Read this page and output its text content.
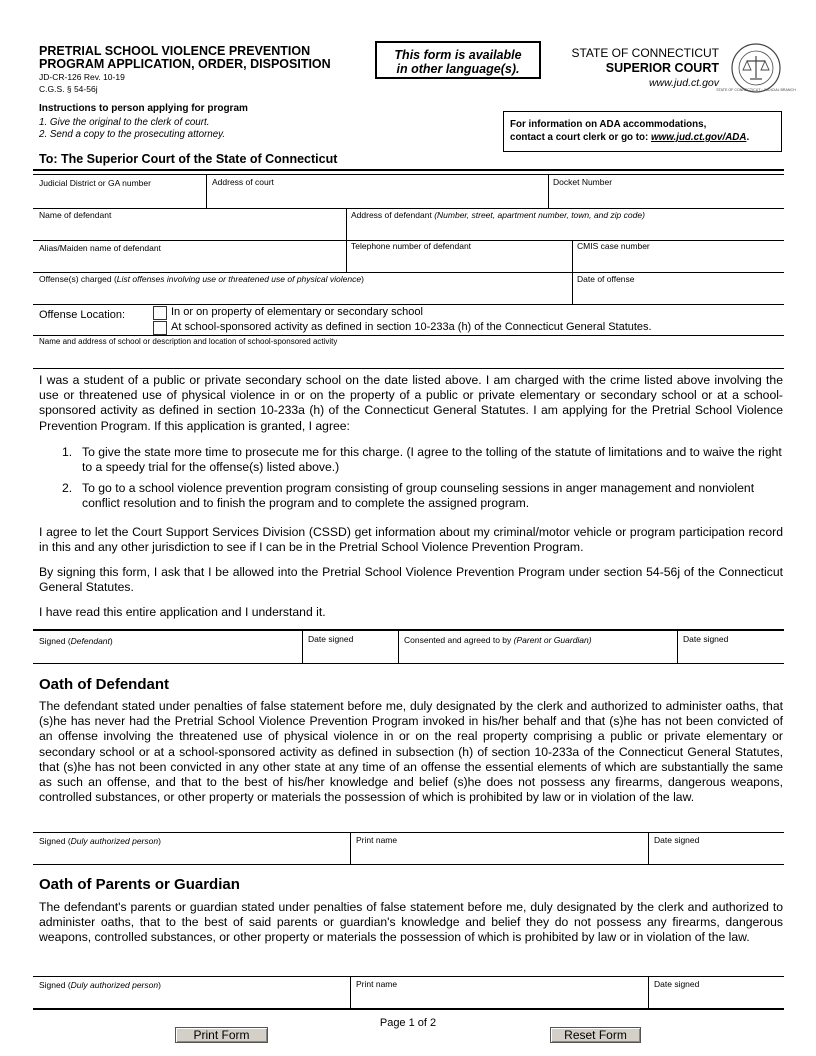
PRETRIAL SCHOOL VIOLENCE PREVENTION
PROGRAM APPLICATION, ORDER, DISPOSITION
JD-CR-126 Rev. 10-19
C.G.S. § 54-56j
This form is available
in other language(s).
STATE OF CONNECTICUT
SUPERIOR COURT
www.jud.ct.gov
STATE OF CONNECTICUT · JUDICIAL BRANCH
Instructions to person applying for program
1. Give the original to the clerk of court.
2. Send a copy to the prosecuting attorney.
For information on ADA accommodations,
contact a court clerk or go to: www.jud.ct.gov/ADA.
To: The Superior Court of the State of Connecticut
Judicial District or GA number	Address of court	Docket Number
Name of defendant	Address of defendant (Number, street, apartment number, town, and zip code)
Alias/Maiden name of defendant	Telephone number of defendant	CMIS case number
Offense(s) charged (List offenses involving use or threatened use of physical violence)	Date of offense
Offense Location:	In or on property of elementary or secondary school
At school-sponsored activity as defined in section 10-233a (h) of the Connecticut General Statutes.
Name and address of school or description and location of school-sponsored activity
I was a student of a public or private secondary school on the date listed above. I am charged with the crime listed above involving the use or threatened use of physical violence in or on the property of a public or private elementary or secondary school or at a school-sponsored activity as defined in section 10-233a (h) of the Connecticut General Statutes. I am applying for the Pretrial School Violence Prevention Program. If this application is granted, I agree:
1. To give the state more time to prosecute me for this charge. (I agree to the tolling of the statute of limitations and to waive the right to a speedy trial for the offense(s) listed above.)
2. To go to a school violence prevention program consisting of group counseling sessions in anger management and nonviolent conflict resolution and to finish the program and to complete the assigned program.
I agree to let the Court Support Services Division (CSSD) get information about my criminal/motor vehicle or program participation record in this and any other jurisdiction to see if I can be in the Pretrial School Violence Prevention Program.
By signing this form, I ask that I be allowed into the Pretrial School Violence Prevention Program under section 54-56j of the Connecticut General Statutes.
I have read this entire application and I understand it.
Signed (Defendant)	Date signed	Consented and agreed to by (Parent or Guardian)	Date signed
Oath of Defendant
The defendant stated under penalties of false statement before me, duly designated by the clerk and authorized to administer oaths, that (s)he has never had the Pretrial School Violence Prevention Program invoked in his/her behalf and that (s)he has not been convicted of an offense involving the threatened use of physical violence in or on the real property comprising a public or private elementary or secondary school or at a school-sponsored activity as defined in subsection (h) of section 10-233a of the Connecticut General Statutes, that (s)he has not been convicted in any other state at any time of an offense the essential elements of which are substantially the same as such an offense, and that to the best of his/her knowledge and belief (s)he does not possess any firearms, dangerous weapons, controlled substances, or other property or materials the possession of which is prohibited by law or in violation of the law.
Signed (Duly authorized person)	Print name	Date signed
Oath of Parents or Guardian
The defendant's parents or guardian stated under penalties of false statement before me, duly designated by the clerk and authorized to administer oaths, that to the best of said parents or guardian's knowledge and belief they do not possess any firearms, dangerous weapons, controlled substances, or other property or materials the possession of which is prohibited by law or in violation of the law.
Signed (Duly authorized person)	Print name	Date signed
Page 1 of 2
Print Form	Reset Form
